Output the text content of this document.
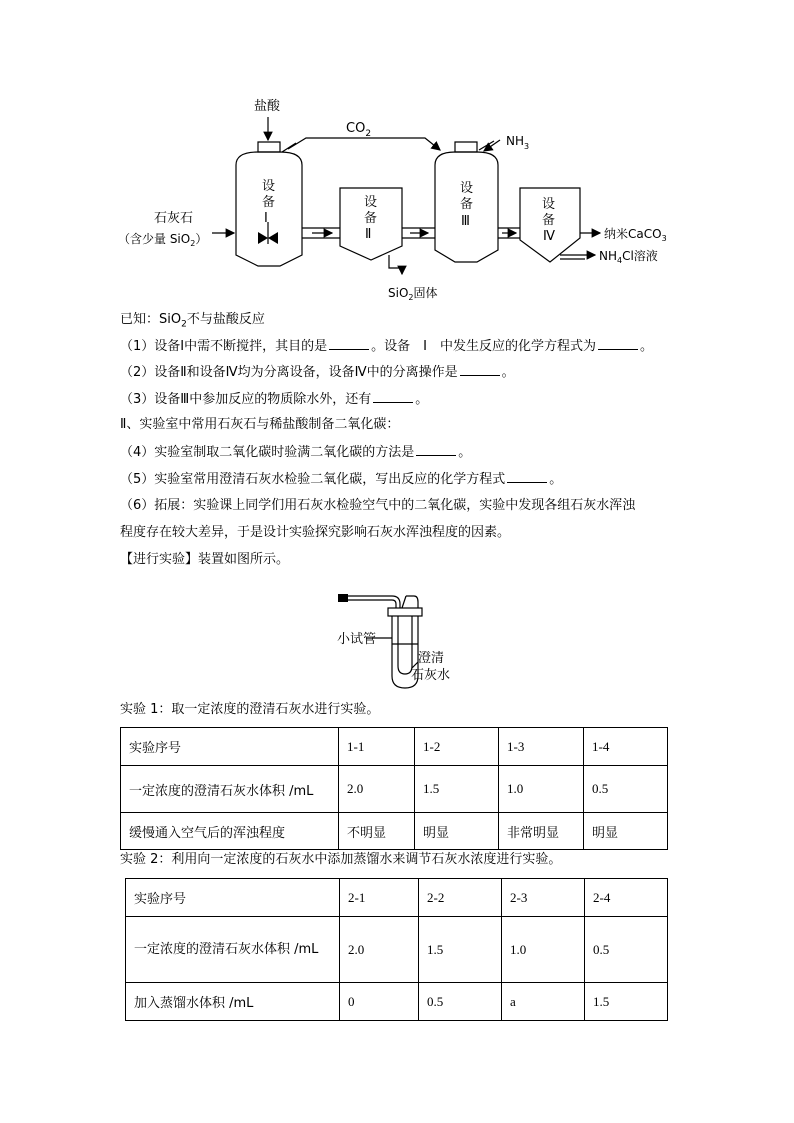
盐酸
$CO_2$	$NH_3$
石灰石
（含少量 SiO$_2$）
设
备
Ⅰ
设
备
Ⅱ
设
备
Ⅲ
设
备
Ⅳ
SiO$_2$固体
纳米CaCO$_3$
$NH_4Cl$溶液
已知：SiO$_2$不与盐酸反应
（1）设备Ⅰ中需不断搅拌，其目的是	。设备　Ⅰ　中发生反应的化学方程式为	。
（2）设备Ⅱ和设备Ⅳ均为分离设备，设备Ⅳ中的分离操作是	。
（3）设备Ⅲ中参加反应的物质除水外，还有	。
Ⅱ、实验室中常用石灰石与稀盐酸制备二氧化碳：
（4）实验室制取二氧化碳时验满二氧化碳的方法是	。
（5）实验室常用澄清石灰水检验二氧化碳，写出反应的化学方程式	。
（6）拓展：实验课上同学们用石灰水检验空气中的二氧化碳，实验中发现各组石灰水浑浊
程度存在较大差异，于是设计实验探究影响石灰水浑浊程度的因素。
【进行实验】装置如图所示。
小试管
澄清
石灰水
实验 1：取一定浓度的澄清石灰水进行实验。
实验序号	1-1	1-2	1-3	1-4
一定浓度的澄清石灰水体积 /mL	2.0	1.5	1.0	0.5
缓慢通入空气后的浑浊程度	不明显	明显	非常明显	明显
实验 2：利用向一定浓度的石灰水中添加蒸馏水来调节石灰水浓度进行实验。
实验序号	2-1	2-2	2-3	2-4
一定浓度的澄清石灰水体积 /mL	2.0	1.5	1.0	0.5
加入蒸馏水体积 /mL	0	0.5	a	1.5
